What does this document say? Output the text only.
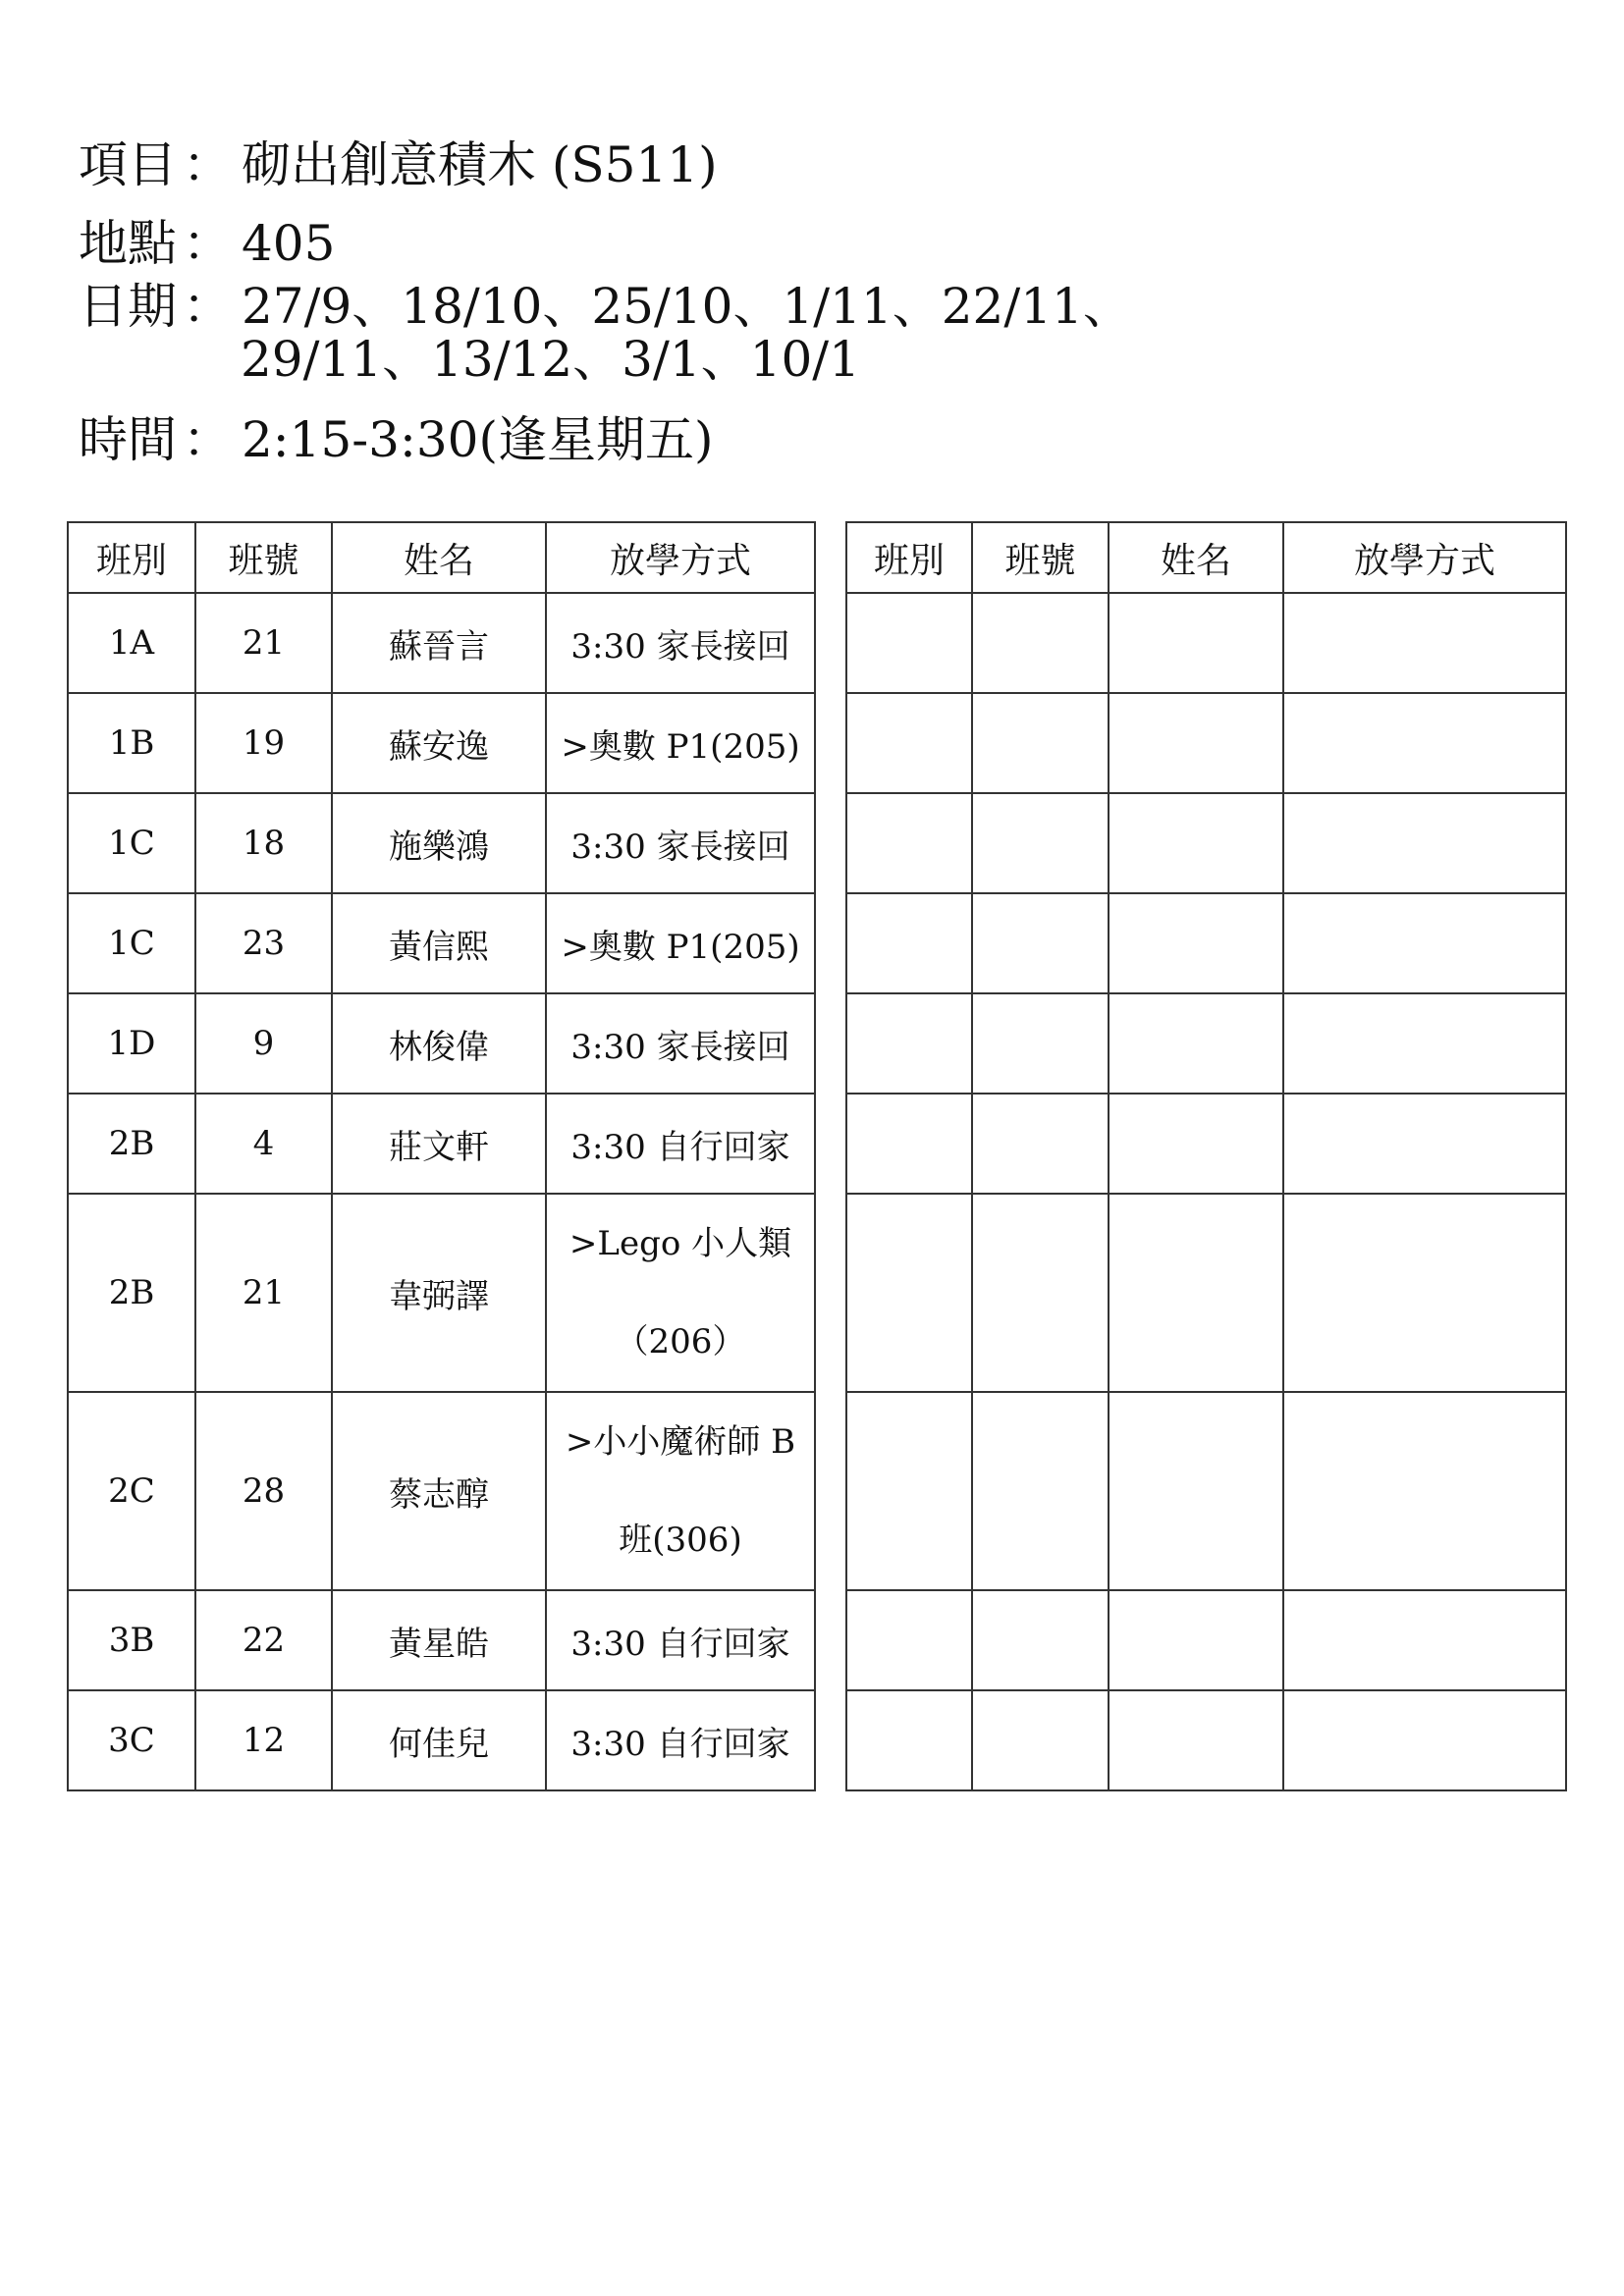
項目 ： 砌出創意積木 (S511)
地點 ： 405
日期 ： 27/9、18/10、25/10、1/11、22/11、
29/11、13/12、3/1、10/1
時間 ： 2:15-3:30(逢星期五)
班別	班號	姓名	放學方式
1A	21	蘇晉言	3:30 家長接回
1B	19	蘇安逸	>奧數 P1(205)
1C	18	施樂鴻	3:30 家長接回
1C	23	黃信熙	>奧數 P1(205)
1D	9	林俊偉	3:30 家長接回
2B	4	莊文軒	3:30 自行回家
2B	21	韋弼譯	>Lego 小人類 （206）

2C	28	蔡志醇	>小小魔術師 B 班(306)

3B	22	黃星皓	3:30 自行回家
3C	12	何佳兒	3:30 自行回家
班別	班號	姓名	放學方式
